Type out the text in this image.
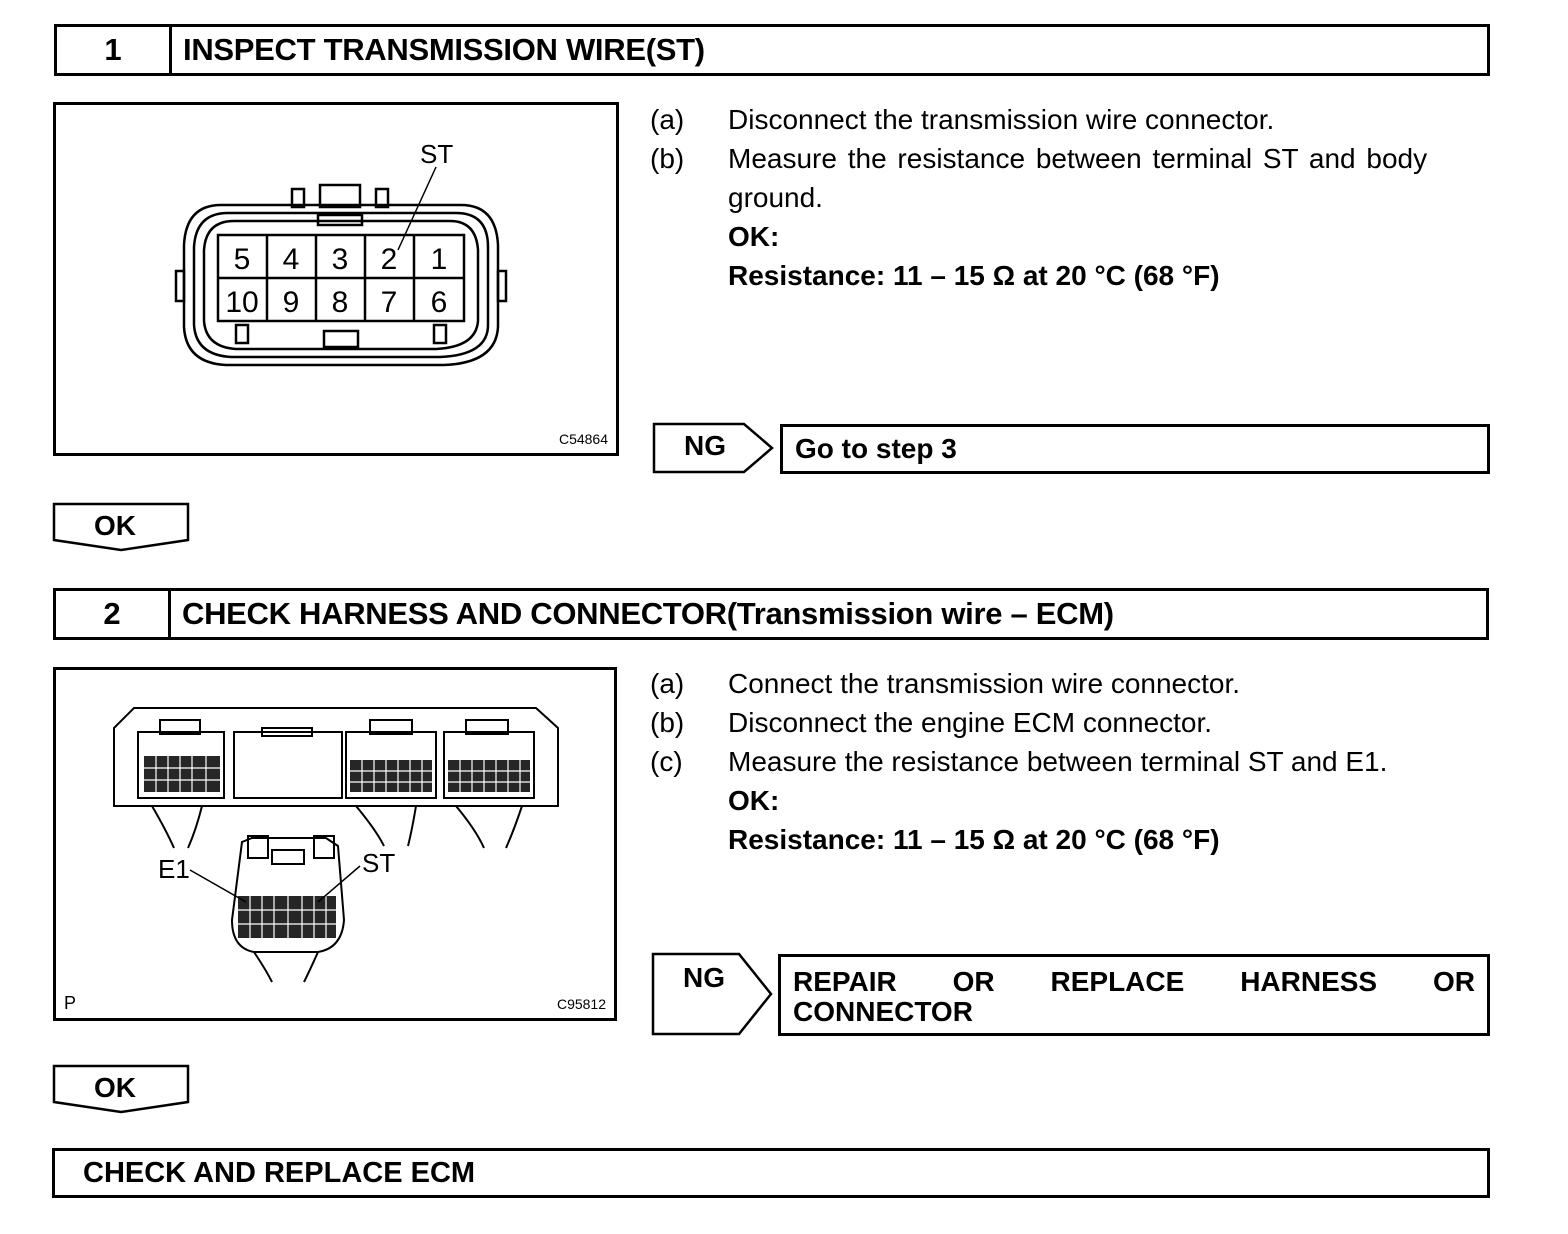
1	INSPECT TRANSMISSION WIRE(ST)
5 4 3 2 1
10 9 8 7 6
ST
C54864
(a) Disconnect the transmission wire connector.
(b) Measure the resistance between terminal ST and body
ground.
OK:
Resistance: 11 – 15 Ω at 20 °C (68 °F)
NG Go to step 3
OK
2	CHECK HARNESS AND CONNECTOR(Transmission wire – ECM)
E1	ST
P	C95812
(a) Connect the transmission wire connector.
(b) Disconnect the engine ECM connector.
(c) Measure the resistance between terminal ST and E1.
OK:
Resistance: 11 – 15 Ω at 20 °C (68 °F)
NG REPAIR OR REPLACE HARNESS OR
CONNECTOR
OK
CHECK AND REPLACE ECM
